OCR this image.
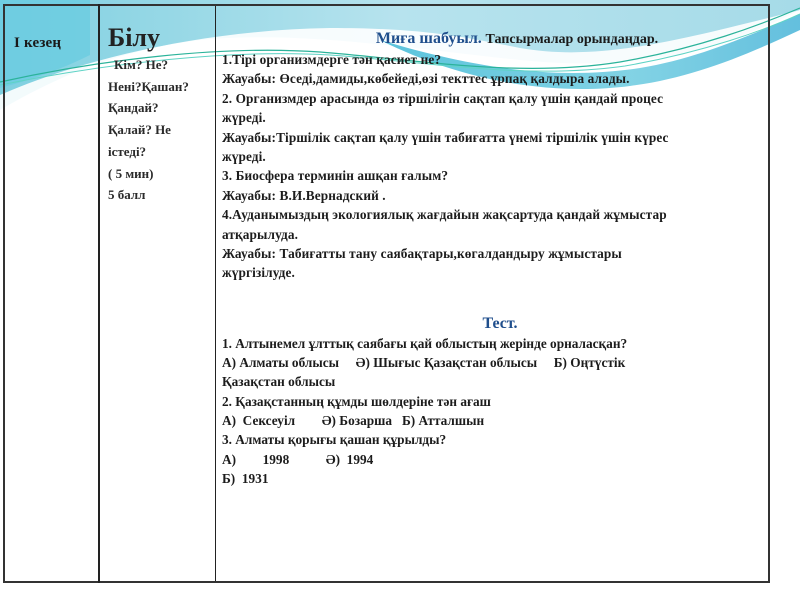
І кезең	Білу
Кім? Не?
Нені?Қашан?
Қандай?
Қалай? Не
істеді?
( 5 мин)
5 балл

Миға шабуыл. Тапсырмалар орындаңдар.
1.Тірі организмдерге тән қасиет не?
Жауабы: Өседі,дамиды,көбейеді,өзі текттес ұрпақ қалдыра алады.
2. Организмдер арасында өз тіршілігін сақтап қалу үшін қандай процес
жүреді.
Жауабы:Тіршілік сақтап қалу үшін табиғатта үнемі тіршілік үшін күрес
жүреді.
3. Биосфера терминін ашқан ғалым?
Жауабы: В.И.Вернадский .
4.Ауданымыздың экологиялық жағдайын жақсартуда қандай жұмыстар
атқарылуда.
Жауабы: Табиғатты тану саябақтары,көгалдандыру жұмыстары
жүргізілуде.
Тест.
1. Алтынемел ұлттық саябағы қай облыстың жерінде орналасқан?
А) Алматы облысы     Ә) Шығыс Қазақстан облысы     Б) Оңтүстік
Қазақстан облысы
2. Қазақстанның құмды шөлдеріне тән ағаш
А)  Сексеуіл        Ә) Бозарша   Б) Атталшын
3. Алматы қорығы қашан құрылды?
А)        1998           Ә)  1994
Б)  1931
